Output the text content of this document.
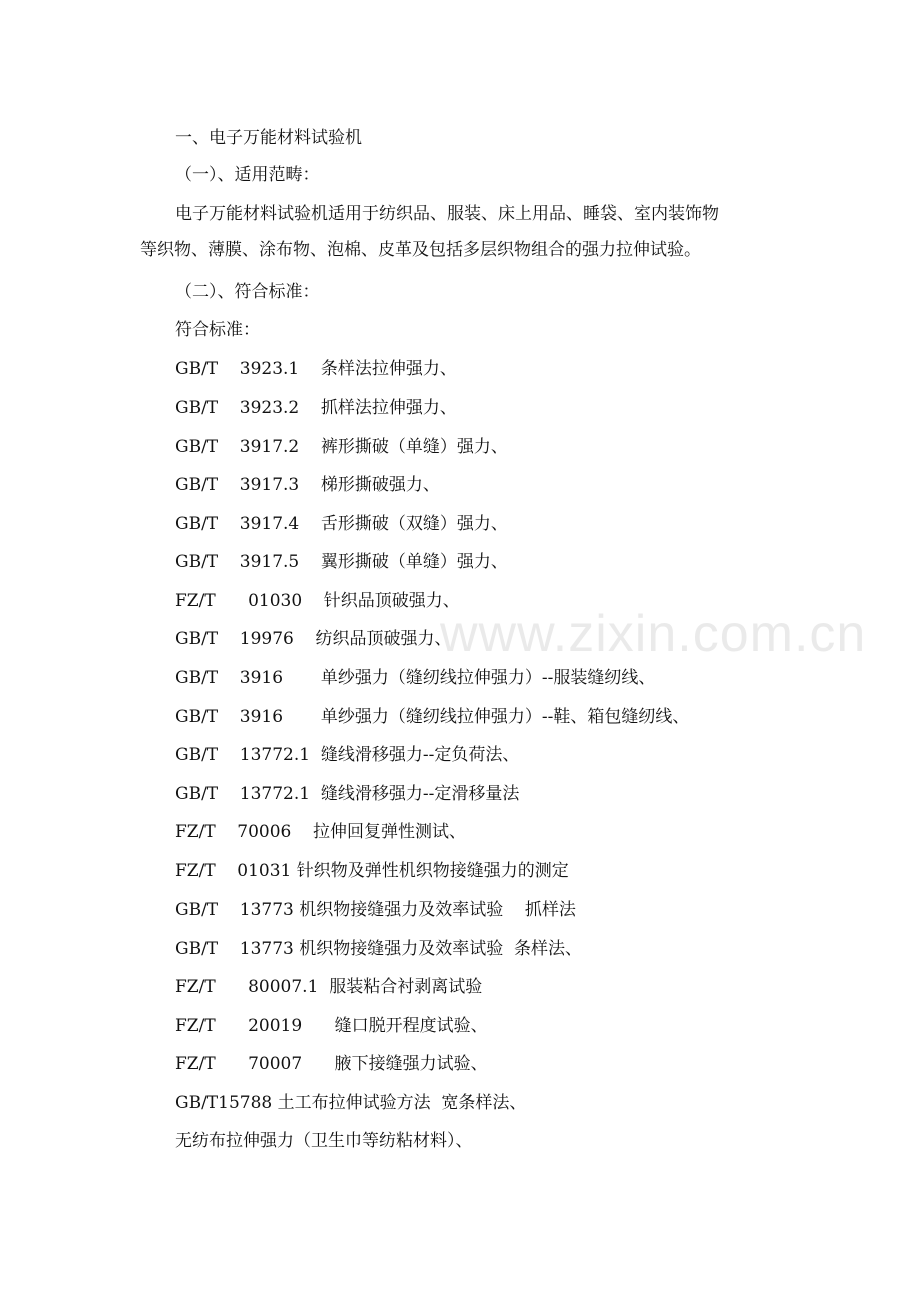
一、电子万能材料试验机
（一）、适用范畴：
电子万能材料试验机适用于纺织品、服装、床上用品、睡袋、室内装饰物
等织物、薄膜、涂布物、泡棉、皮革及包括多层织物组合的强力拉伸试验。
（二）、符合标准：
符合标准：
GB/T    3923.1    条样法拉伸强力、
GB/T    3923.2    抓样法拉伸强力、
GB/T    3917.2    裤形撕破（单缝）强力、
GB/T    3917.3    梯形撕破强力、
GB/T    3917.4    舌形撕破（双缝）强力、
GB/T    3917.5    翼形撕破（单缝）强力、
FZ/T      01030    针织品顶破强力、
GB/T    19976    纺织品顶破强力、
GB/T    3916       单纱强力（缝纫线拉伸强力）--服装缝纫线、
GB/T    3916       单纱强力（缝纫线拉伸强力）--鞋、箱包缝纫线、
GB/T    13772.1  缝线滑移强力--定负荷法、
GB/T    13772.1  缝线滑移强力--定滑移量法
FZ/T    70006    拉伸回复弹性测试、
FZ/T    01031 针织物及弹性机织物接缝强力的测定
GB/T    13773 机织物接缝强力及效率试验    抓样法
GB/T    13773 机织物接缝强力及效率试验  条样法、
FZ/T      80007.1  服装粘合衬剥离试验
FZ/T      20019      缝口脱开程度试验、
FZ/T      70007      腋下接缝强力试验、
GB/T15788 土工布拉伸试验方法  宽条样法、
无纺布拉伸强力（卫生巾等纺粘材料）、
www.zixin.com.cn
